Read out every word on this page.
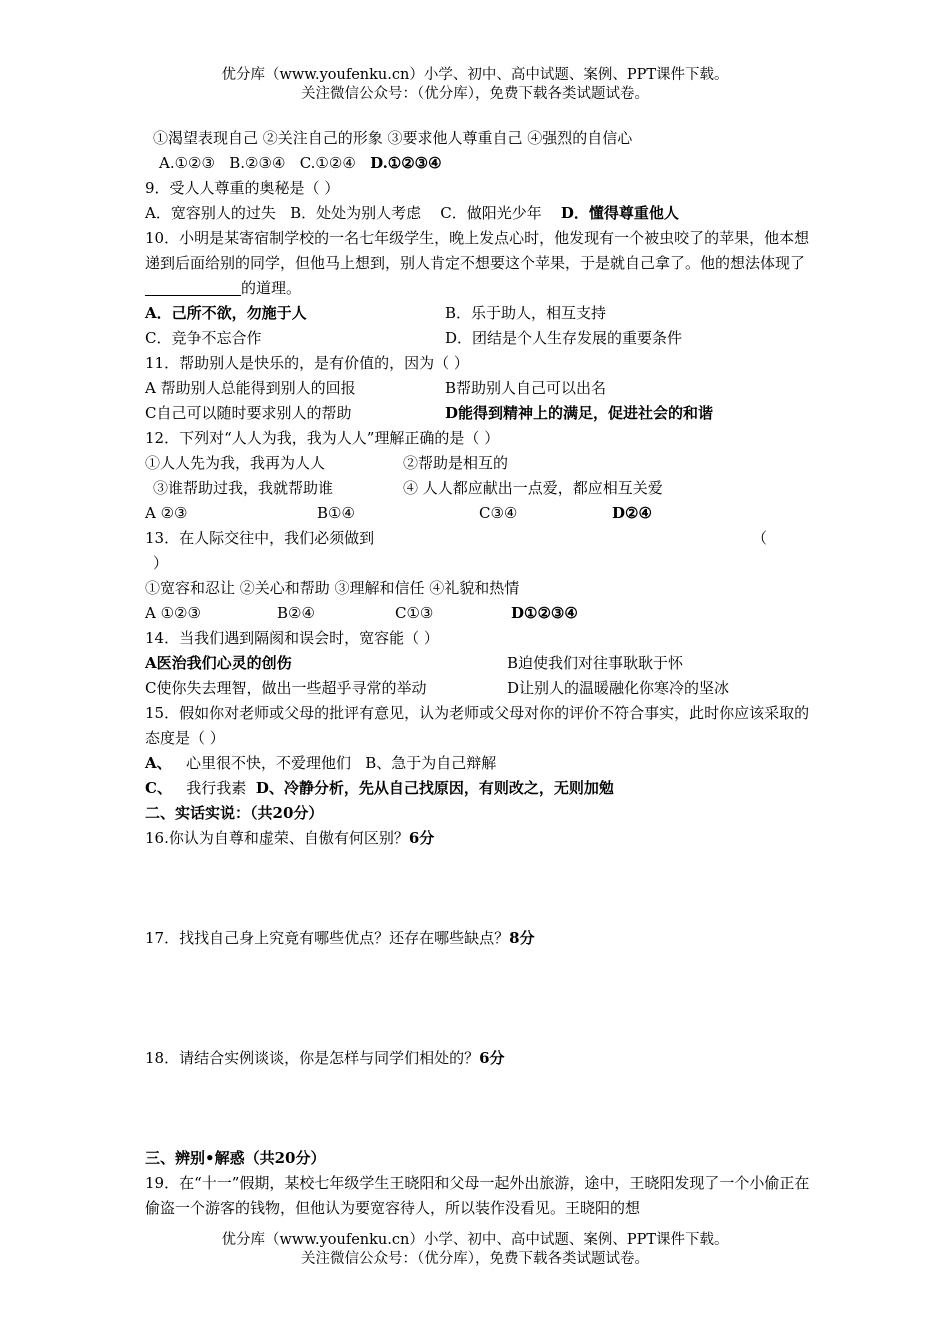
优分库（www.youfenku.cn）小学、初中、高中试题、案例、PPT课件下载。
关注微信公众号：（优分库），免费下载各类试题试卷。
①渴望表现自己 ②关注自己的形象 ③要求他人尊重自己 ④强烈的自信心
A.①②③ B.②③④ C.①②④ D.①②③④
9．受人人尊重的奥秘是（ ）
A．宽容别人的过失 B．处处为别人考虑 C．做阳光少年 D．懂得尊重他人
10．小明是某寄宿制学校的一名七年级学生，晚上发点心时，他发现有一个被虫咬了的苹果，他本想递到后面给别的同学，但他马上想到，别人肯定不想要这个苹果，于是就自己拿了。他的想法体现了的道理。
A．己所不欲，勿施于人	B．乐于助人，相互支持
C．竞争不忘合作	D．团结是个人生存发展的重要条件
11．帮助别人是快乐的，是有价值的，因为（ ）
A 帮助别人总能得到别人的回报	B帮助别人自己可以出名
C自己可以随时要求别人的帮助	D能得到精神上的满足，促进社会的和谐
12．下列对“人人为我，我为人人”理解正确的是（ ）
①人人先为我，我再为人人	②帮助是相互的
③谁帮助过我，我就帮助谁	④ 人人都应献出一点爱，都应相互关爱
A ②③	B①④	C③④	D②④
13．在人际交往中，我们必须做到	（
）
①宽容和忍让 ②关心和帮助 ③理解和信任 ④礼貌和热情
A ①②③	B②④	C①③	D①②③④
14．当我们遇到隔阂和误会时，宽容能（ ）
A医治我们心灵的创伤	B迫使我们对往事耿耿于怀
C使你失去理智，做出一些超乎寻常的举动	D让别人的温暖融化你寒冷的坚冰
15．假如你对老师或父母的批评有意见，认为老师或父母对你的评价不符合事实，此时你应该采取的态度是（ ）
A、 心里很不快，不爱理他们 B、急于为自己辩解
C、 我行我素 D、冷静分析，先从自己找原因，有则改之，无则加勉
二、实话实说：（共20分）
16.你认为自尊和虚荣、自傲有何区别？6分
17．找找自己身上究竟有哪些优点？还存在哪些缺点？8分
18．请结合实例谈谈，你是怎样与同学们相处的？6分
三、辨别•解惑（共20分）
19．在“十一”假期，某校七年级学生王晓阳和父母一起外出旅游，途中，王晓阳发现了一个小偷正在偷盗一个游客的钱物，但他认为要宽容待人，所以装作没看见。王晓阳的想
优分库（www.youfenku.cn）小学、初中、高中试题、案例、PPT课件下载。
关注微信公众号：（优分库），免费下载各类试题试卷。
